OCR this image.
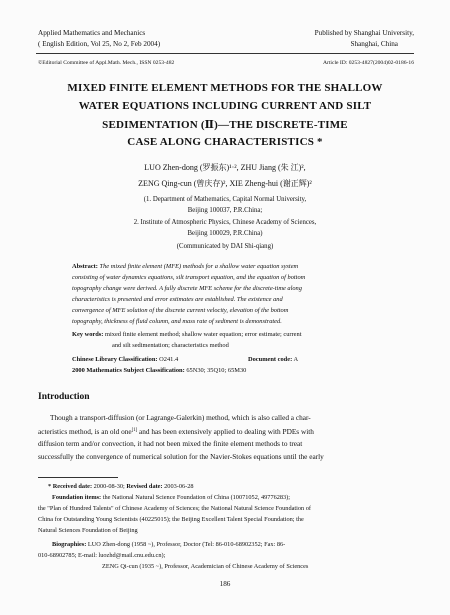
Applied Mathematics and Mechanics
( English Edition, Vol 25, No 2, Feb 2004)
Published by Shanghai University,
Shanghai, China
©Editorial Committee of Appl.Math. Mech., ISSN 0253-482	Article ID: 0253-4827(2004)02-0186-16
MIXED FINITE ELEMENT METHODS FOR THE SHALLOW
WATER EQUATIONS INCLUDING CURRENT AND SILT
SEDIMENTATION (Ⅱ)—THE DISCRETE-TIME
CASE ALONG CHARACTERISTICS *
LUO Zhen-dong (罗振东)¹·², ZHU Jiang (朱 江)²,
ZENG Qing-cun (曾庆存)², XIE Zheng-hui (谢正辉)²
(1. Department of Mathematics, Capital Normal University,
Beijing 100037, P.R.China;
2. Institute of Atmospheric Physics, Chinese Academy of Sciences,
Beijing 100029, P.R.China)
(Communicated by DAI Shi-qiang)
Abstract: The mixed finite element (MFE) methods for a shallow water equation system
consisting of water dynamics equations, silt transport equation, and the equation of bottom
topography change were derived. A fully discrete MFE scheme for the discrete-time along
characteristics is presented and error estimates are established. The existence and
convergence of MFE solution of the discrete current velocity, elevation of the bottom
topography, thickness of fluid column, and mass rate of sediment is demonstrated.
Key words: mixed finite element method; shallow water equation; error estimate; current
and silt sedimentation; characteristics method
Chinese Library Classification: O241.4	Document code: A
2000 Mathematics Subject Classification: 65N30; 35Q10; 65M30
Introduction
Though a transport-diffusion (or Lagrange-Galerkin) method, which is also called a char-
acteristics method, is an old one[1] and has been extensively applied to dealing with PDEs with
diffusion term and/or convection, it had not been mixed the finite element methods to treat
successfully the convergence of numerical solution for the Navier-Stokes equations until the early
* Received date: 2000-08-30; Revised date: 2003-06-28
Foundation items: the National Natural Science Foundation of China (10071052, 49776283);
the "Plan of Hundred Talents" of Chinese Academy of Sciences; the National Natural Science Foundation of
China for Outstanding Young Scientists (40225015); the Beijing Excellent Talent Special Foundation; the
Natural Sciences Foundation of Beijing
Biographies: LUO Zhen-dong (1958 ~), Professor, Doctor (Tel: 86-010-68902352; Fax: 86-
010-68902785; E-mail: luozhd@mail.cnu.edu.cn);
ZENG Qi-cun (1935 ~), Professor, Academician of Chinese Academy of Sciences
186
